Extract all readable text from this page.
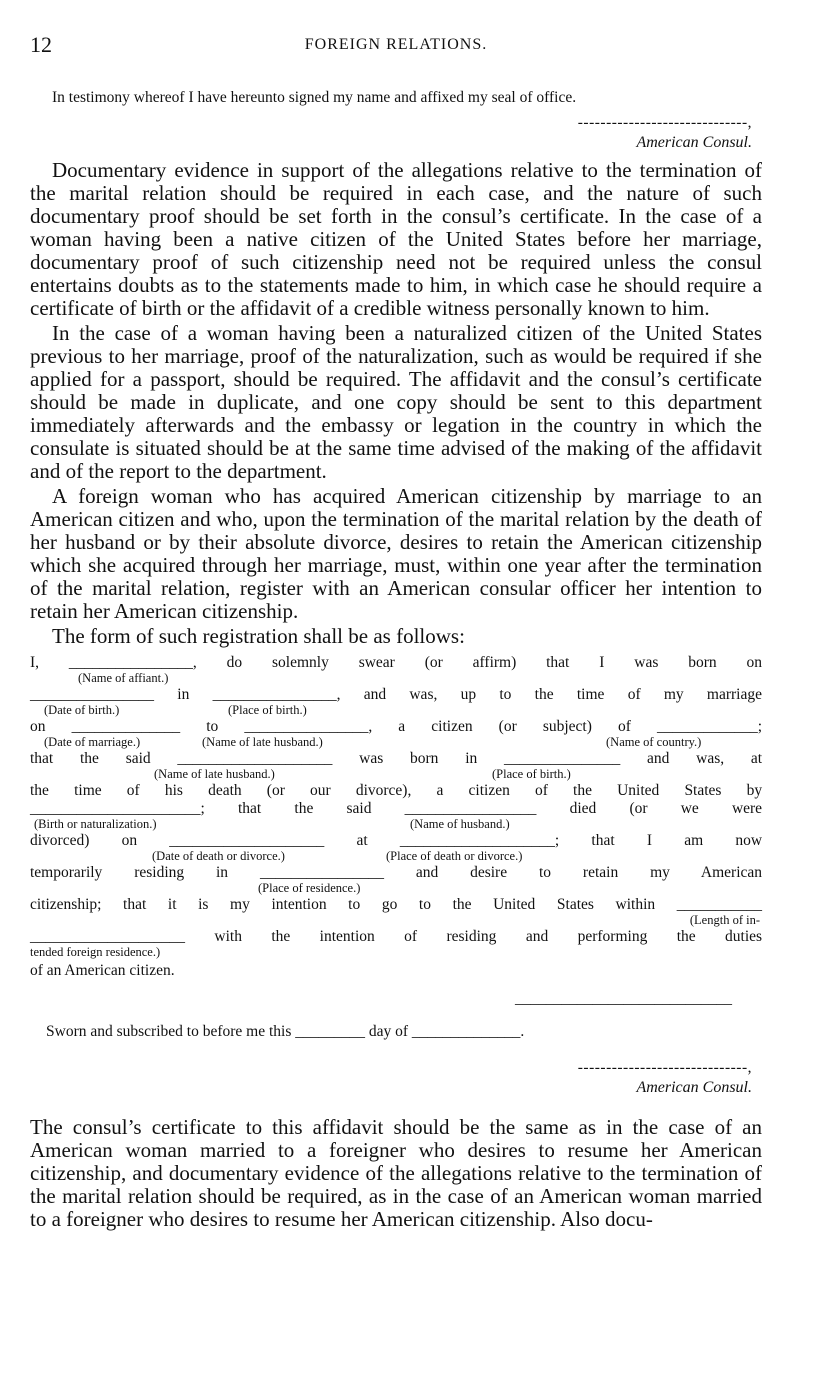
12	FOREIGN RELATIONS.

In testimony whereof I have hereunto signed my name and affixed my seal of office.

------------------------------,
American Consul.

Documentary evidence in support of the allegations relative to the termination of the marital relation should be required in each case, and the nature of such documentary proof should be set forth in the consul’s certificate. In the case of a woman having been a native citizen of the United States before her marriage, documentary proof of such citizenship need not be required unless the consul entertains doubts as to the statements made to him, in which case he should require a certificate of birth or the affidavit of a credible witness personally known to him.

In the case of a woman having been a naturalized citizen of the United States previous to her marriage, proof of the naturalization, such as would be required if she applied for a passport, should be required. The affidavit and the consul’s certificate should be made in duplicate, and one copy should be sent to this department immediately afterwards and the embassy or legation in the country in which the consulate is situated should be at the same time advised of the making of the affidavit and of the report to the department.

A foreign woman who has acquired American citizenship by marriage to an American citizen and who, upon the termination of the marital relation by the death of her husband or by their absolute divorce, desires to retain the American citizenship which she acquired through her marriage, must, within one year after the termination of the marital relation, register with an American consular officer her intention to retain her American citizenship.

The form of such registration shall be as follows:

I, ________________, do solemnly swear (or affirm) that I was born on

(Name of affiant.)

________________ in ________________, and was, up to the time of my marriage

(Date of birth.)	(Place of birth.)

on ______________ to ________________, a citizen (or subject) of _____________;

(Date of marriage.)	(Name of late husband.)	(Name of country.)

that the said ____________________ was born in _______________ and was, at

(Name of late husband.)	(Place of birth.)

the time of his death (or our divorce), a citizen of the United States by

______________________; that the said _________________ died (or we were

(Birth or naturalization.)	(Name of husband.)

divorced) on ____________________ at ____________________; that I am now

(Date of death or divorce.)	(Place of death or divorce.)

temporarily residing in ________________ and desire to retain my American

(Place of residence.)

citizenship; that it is my intention to go to the United States within ___________

(Length of in-

____________________ with the intention of residing and performing the duties

tended foreign residence.)

of an American citizen.

____________________________
Sworn and subscribed to before me this _________ day of ______________.
------------------------------,
American Consul.

The consul’s certificate to this affidavit should be the same as in the case of an American woman married to a foreigner who desires to resume her American citizenship, and documentary evidence of the allegations relative to the termination of the marital relation should be required, as in the case of an American woman married to a foreigner who desires to resume her American citizenship. Also docu-
